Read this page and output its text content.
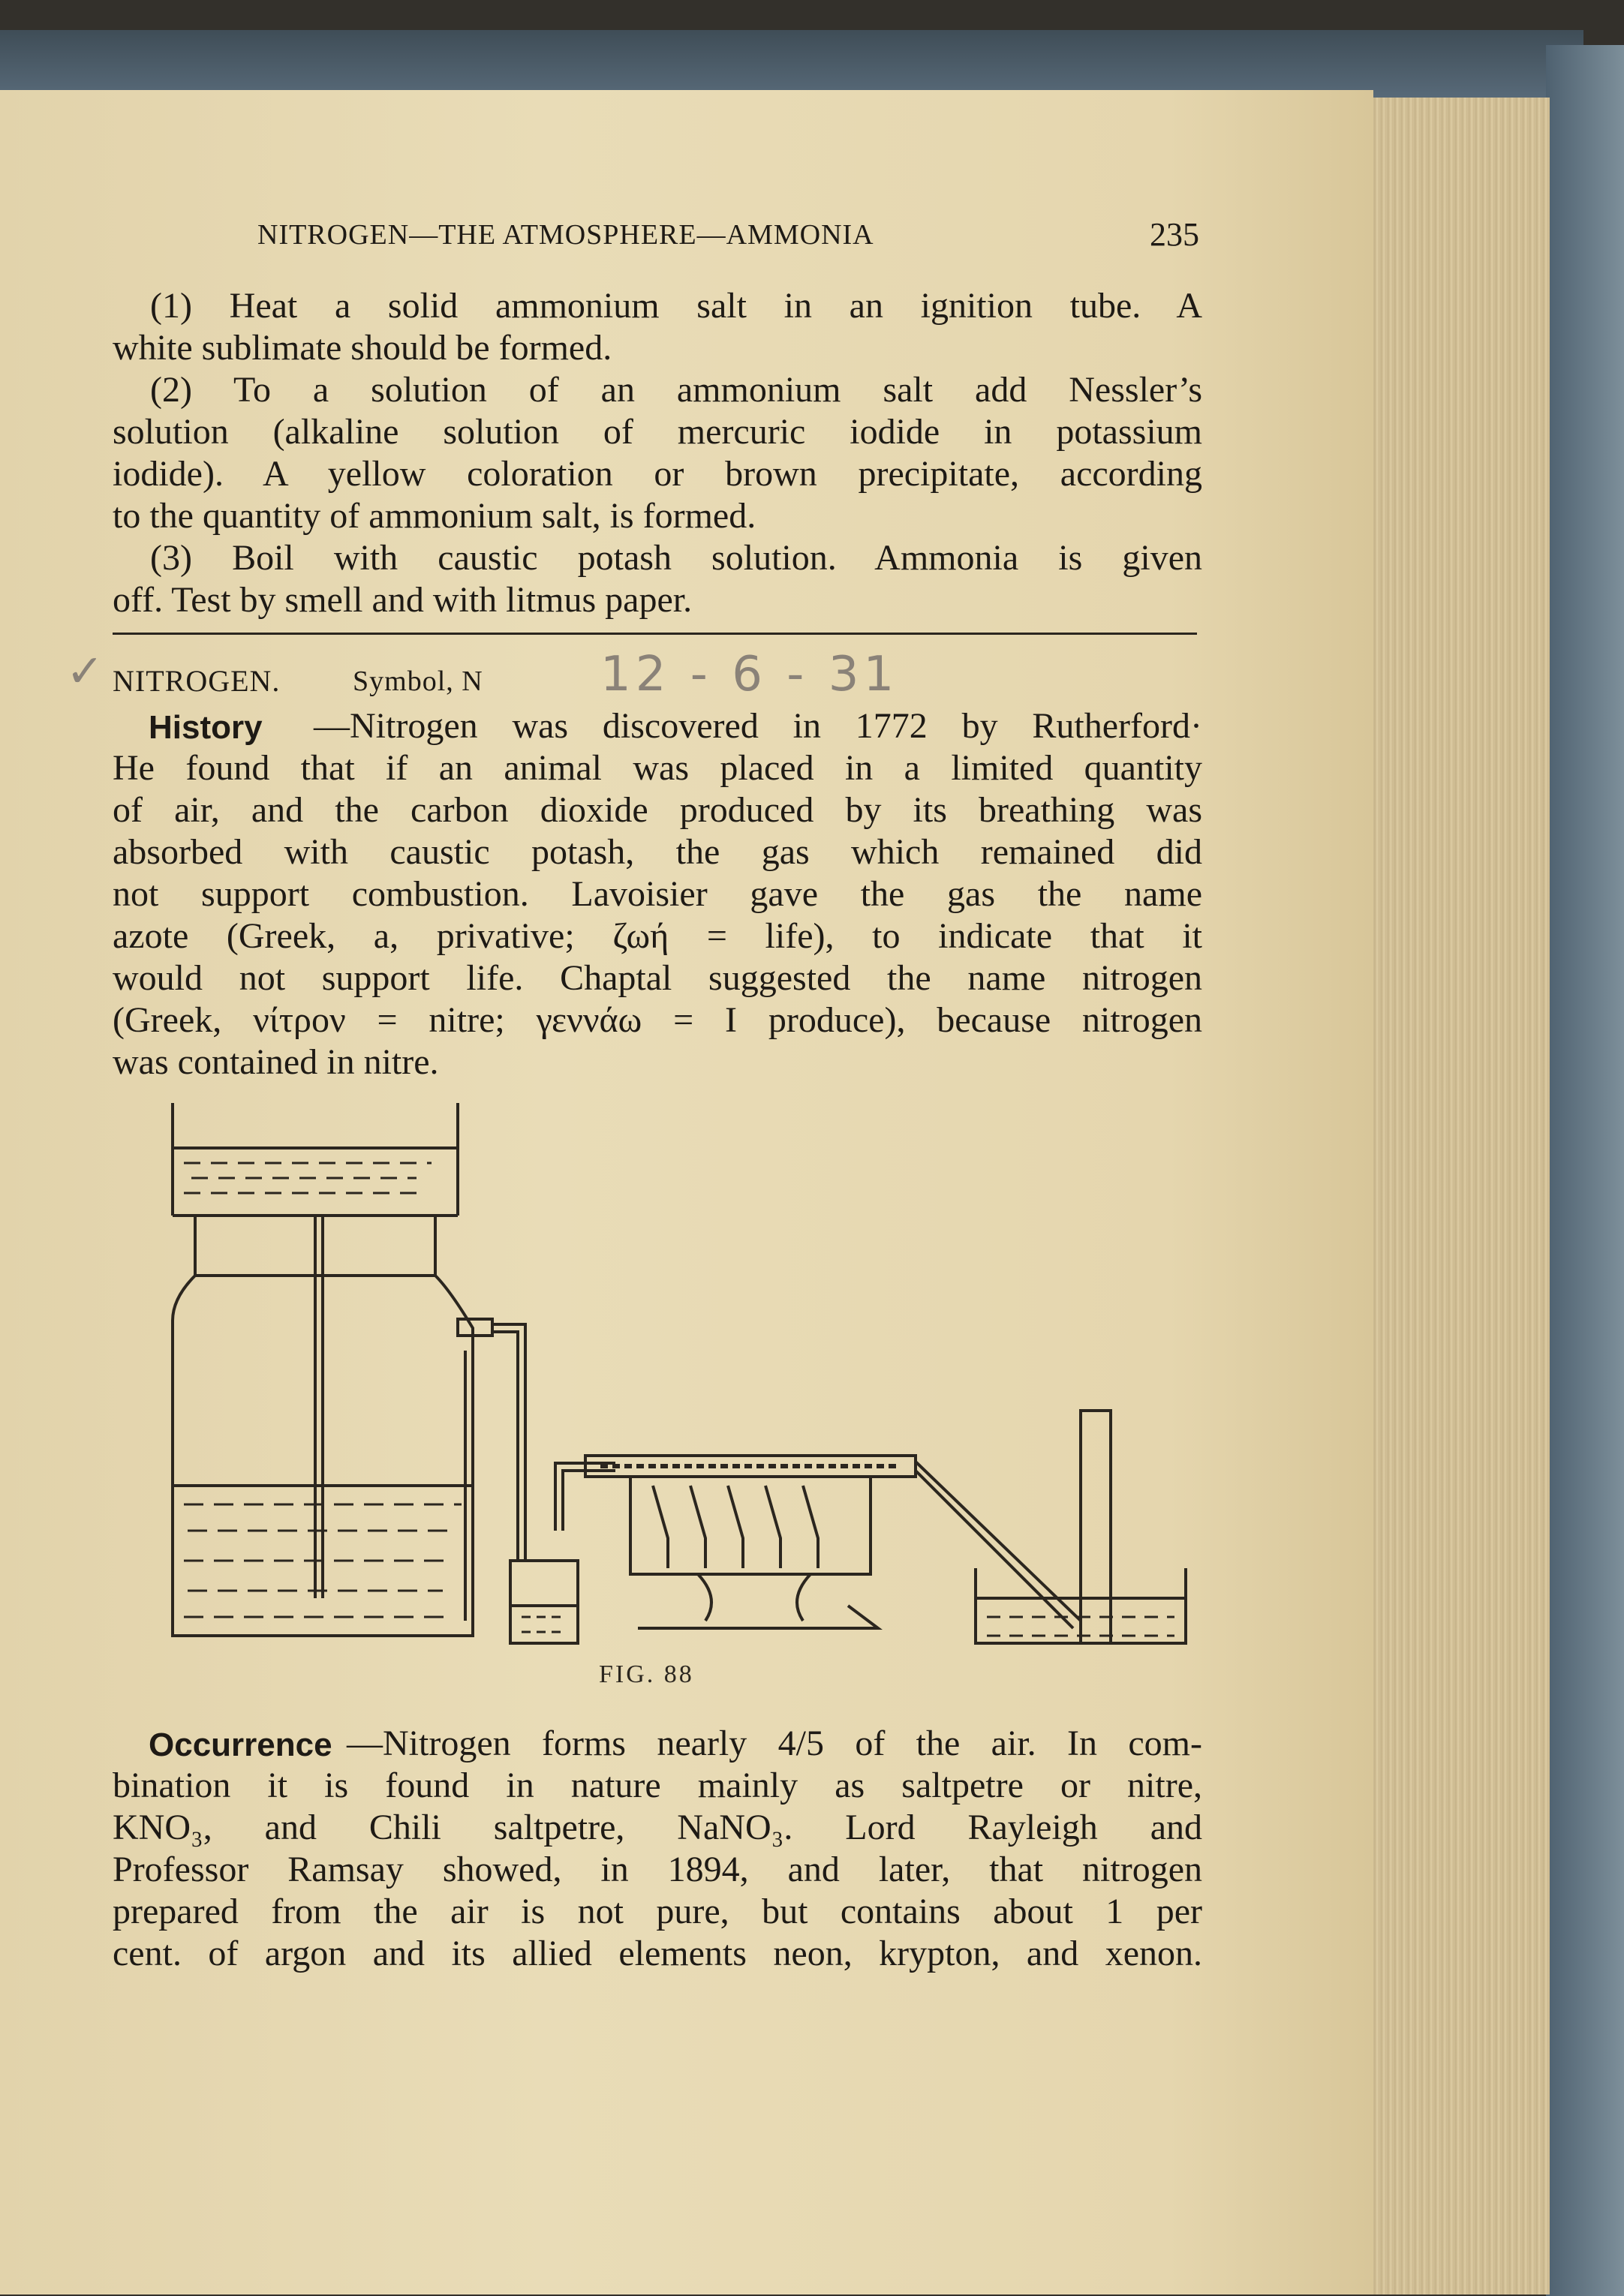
NITROGEN—THE ATMOSPHERE—AMMONIA	235
(1) Heat a solid ammonium salt in an ignition tube. A
white sublimate should be formed.
(2) To a solution of an ammonium salt add Nessler’s
solution (alkaline solution of mercuric iodide in potassium
iodide). A yellow coloration or brown precipitate, according
to the quantity of ammonium salt, is formed.
(3) Boil with caustic potash solution. Ammonia is given
off. Test by smell and with litmus paper.
✓ NITROGEN.	Symbol, N 12 - 6 - 31
History —Nitrogen was discovered in 1772 by Rutherford·
He found that if an animal was placed in a limited quantity
of air, and the carbon dioxide produced by its breathing was
absorbed with caustic potash, the gas which remained did
not support combustion. Lavoisier gave the gas the name
azote (Greek, a, privative; ζωή = life), to indicate that it
would not support life. Chaptal suggested the name nitrogen
(Greek, νίτρον = nitre; γεννάω = I produce), because nitrogen
was contained in nitre.
FIG. 88
Occurrence —Nitrogen forms nearly 4/5 of the air. In com-
bination it is found in nature mainly as saltpetre or nitre,
KNO₃, and Chili saltpetre, NaNO₃. Lord Rayleigh and
Professor Ramsay showed, in 1894, and later, that nitrogen
prepared from the air is not pure, but contains about 1 per
cent. of argon and its allied elements neon, krypton, and xenon.
